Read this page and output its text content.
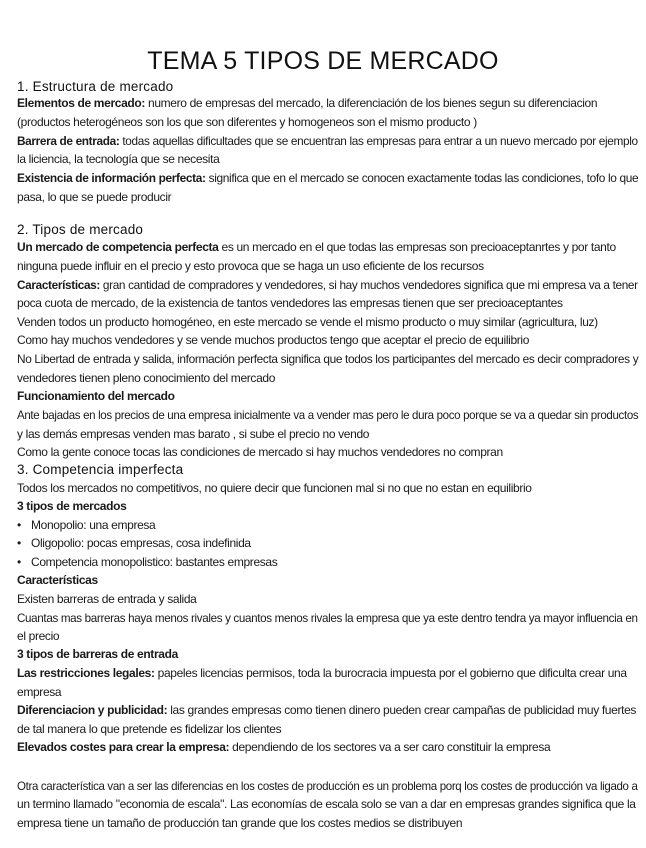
TEMA 5 TIPOS DE MERCADO
1. Estructura de mercado
Elementos de mercado: numero de empresas del mercado, la diferenciación de los bienes segun su diferenciacion
(productos heterogéneos son los que son diferentes y homogeneos son el mismo producto )
Barrera de entrada: todas aquellas dificultades que se encuentran las empresas para entrar a un nuevo mercado por ejemplo
la liciencia, la tecnología que se necesita
Existencia de información perfecta: significa que en el mercado se conocen exactamente todas las condiciones, tofo lo que
pasa, lo que se puede producir
2. Tipos de mercado
Un mercado de competencia perfecta es un mercado en el que todas las empresas son precioaceptanrtes y por tanto
ninguna puede influir en el precio y esto provoca que se haga un uso eficiente de los recursos
Características: gran cantidad de compradores y vendedores, si hay muchos vendedores significa que mi empresa va a tener
poca cuota de mercado, de la existencia de tantos vendedores las empresas tienen que ser precioaceptantes
Venden todos un producto homogéneo, en este mercado se vende el mismo producto o muy similar (agricultura, luz)
Como hay muchos vendedores y se vende muchos productos tengo que aceptar el precio de equilibrio
No Libertad de entrada y salida, información perfecta significa que todos los participantes del mercado es decir compradores y
vendedores tienen pleno conocimiento del mercado
Funcionamiento del mercado
Ante bajadas en los precios de una empresa inicialmente va a vender mas pero le dura poco porque se va a quedar sin productos
y las demás empresas venden mas barato , si sube el precio no vendo
Como la gente conoce tocas las condiciones de mercado si hay muchos vendedores no compran
3. Competencia imperfecta
Todos los mercados no competitivos, no quiere decir que funcionen mal si no que no estan en equilibrio
3 tipos de mercados
• Monopolio: una empresa
• Oligopolio: pocas empresas, cosa indefinida
• Competencia monopolistico: bastantes empresas
Características
Existen barreras de entrada y salida
Cuantas mas barreras haya menos rivales y cuantos menos rivales la empresa que ya este dentro tendra ya mayor influencia en
el precio
3 tipos de barreras de entrada
Las restricciones legales: papeles licencias permisos, toda la burocracia impuesta por el gobierno que dificulta crear una
empresa
Diferenciacion y publicidad: las grandes empresas como tienen dinero pueden crear campañas de publicidad muy fuertes
de tal manera lo que pretende es fidelizar los clientes
Elevados costes para crear la empresa: dependiendo de los sectores va a ser caro constituir la empresa
Otra característica van a ser las diferencias en los costes de producción es un problema porq los costes de producción va ligado a
un termino llamado "economia de escala". Las economías de escala solo se van a dar en empresas grandes significa que la
empresa tiene un tamaño de producción tan grande que los costes medios se distribuyen
